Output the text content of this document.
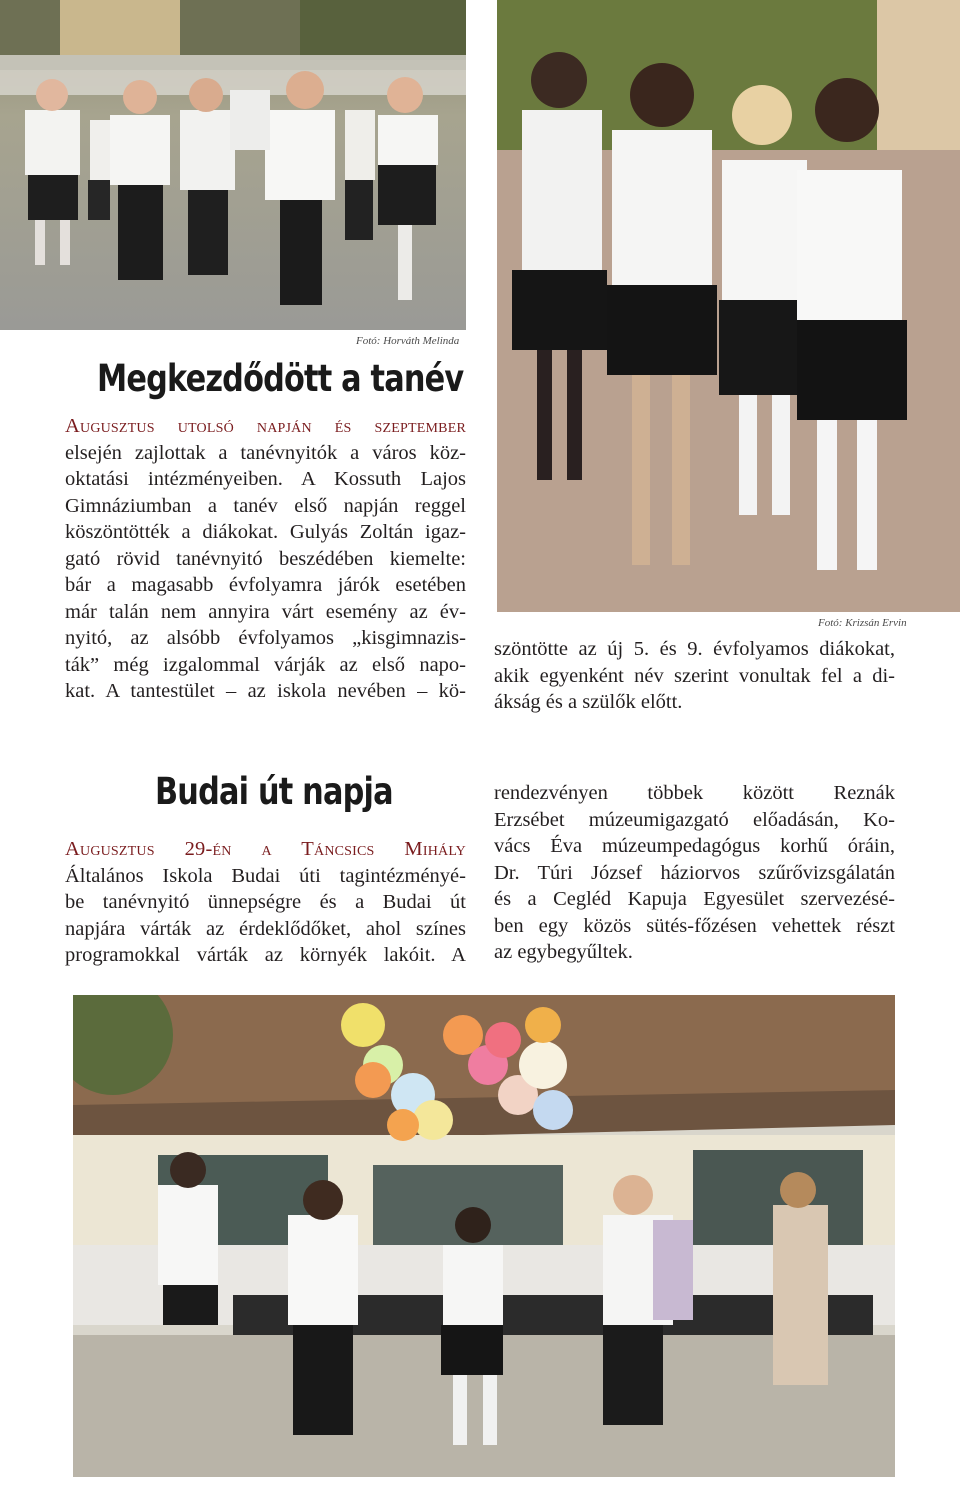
Fotó: Horváth Melinda
Fotó: Krizsán Ervin
Megkezdődött a tanév
Augusztus utolsó napján és szeptember
elsején zajlottak a tanévnyitók a város köz-
oktatási intézményeiben. A Kossuth Lajos
Gimnáziumban a tanév első napján reggel
köszöntötték a diákokat. Gulyás Zoltán igaz-
gató rövid tanévnyitó beszédében kiemelte:
bár a magasabb évfolyamra járók esetében
már talán nem annyira várt esemény az év-
nyitó, az alsóbb évfolyamos „kisgimnazis-
ták” még izgalommal várják az első napo-
kat. A tantestület – az iskola nevében – kö-
szöntötte az új 5. és 9. évfolyamos diákokat,
akik egyenként név szerint vonultak fel a di-
ákság és a szülők előtt.
Budai út napja
Augusztus 29-én a Táncsics Mihály
Általános Iskola Budai úti tagintézményé-
be tanévnyitó ünnepségre és a Budai út
napjára várták az érdeklődőket, ahol színes
programokkal várták az környék lakóit. A
rendezvényen többek között Reznák
Erzsébet múzeumigazgató előadásán, Ko-
vács Éva múzeumpedagógus korhű óráin,
Dr. Túri József háziorvos szűrővizsgálatán
és a Cegléd Kapuja Egyesület szervezésé-
ben egy közös sütés-főzésen vehettek részt
az egybegyűltek.
